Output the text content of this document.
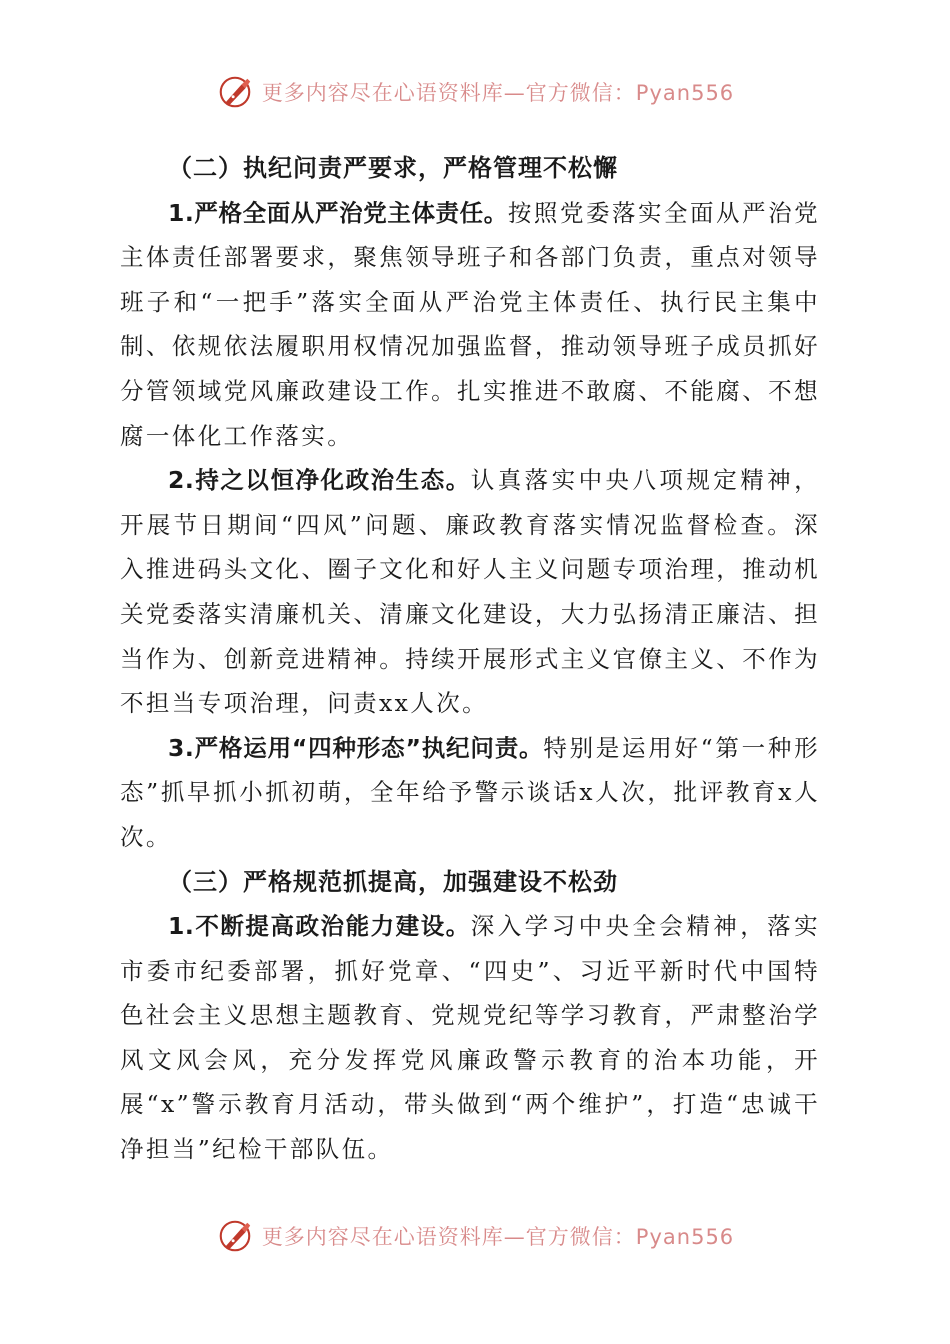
更多内容尽在心语资料库—官方微信：Pyan556

（二）执纪问责严要求，严格管理不松懈

1.严格全面从严治党主体责任。按照党委落实全面从严治党主体责任部署要求，聚焦领导班子和各部门负责，重点对领导班子和“一把手”落实全面从严治党主体责任、执行民主集中制、依规依法履职用权情况加强监督，推动领导班子成员抓好分管领域党风廉政建设工作。扎实推进不敢腐、不能腐、不想腐一体化工作落实。

2.持之以恒净化政治生态。认真落实中央八项规定精神，开展节日期间“四风”问题、廉政教育落实情况监督检查。深入推进码头文化、圈子文化和好人主义问题专项治理，推动机关党委落实清廉机关、清廉文化建设，大力弘扬清正廉洁、担当作为、创新竞进精神。持续开展形式主义官僚主义、不作为不担当专项治理，问责xx人次。

3.严格运用“四种形态”执纪问责。特别是运用好“第一种形态”抓早抓小抓初萌，全年给予警示谈话x人次，批评教育x人次。

（三）严格规范抓提高，加强建设不松劲

1.不断提高政治能力建设。深入学习中央全会精神，落实市委市纪委部署，抓好党章、“四史”、习近平新时代中国特色社会主义思想主题教育、党规党纪等学习教育，严肃整治学风文风会风，充分发挥党风廉政警示教育的治本功能，开展“x”警示教育月活动，带头做到“两个维护”，打造“忠诚干净担当”纪检干部队伍。

更多内容尽在心语资料库—官方微信：Pyan556
